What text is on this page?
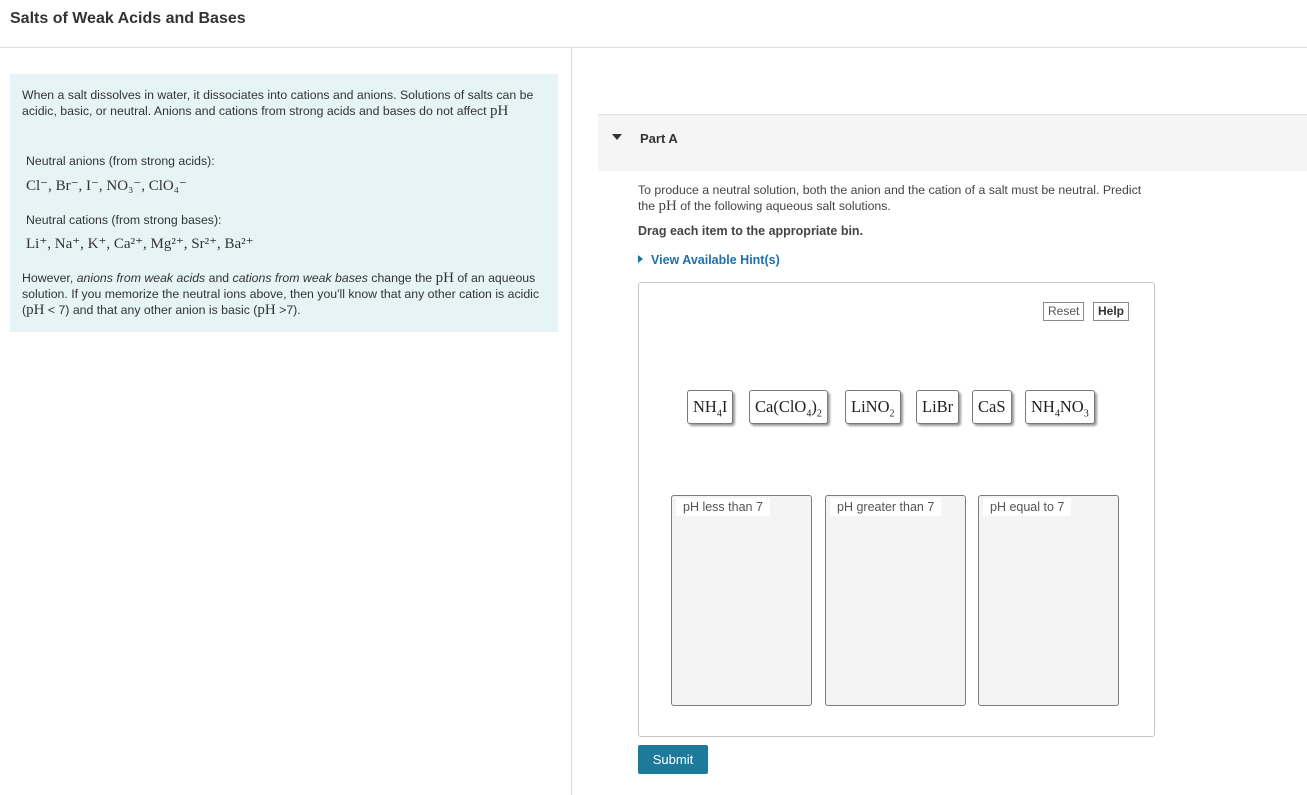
Salts of Weak Acids and Bases
When a salt dissolves in water, it dissociates into cations and anions. Solutions of salts can be acidic, basic, or neutral. Anions and cations from strong acids and bases do not affect pH
Neutral anions (from strong acids):
Cl⁻, Br⁻, I⁻, NO₃⁻, ClO₄⁻
Neutral cations (from strong bases):
Li⁺, Na⁺, K⁺, Ca²⁺, Mg²⁺, Sr²⁺, Ba²⁺
However, anions from weak acids and cations from weak bases change the pH of an aqueous solution. If you memorize the neutral ions above, then you'll know that any other cation is acidic (pH < 7) and that any other anion is basic (pH >7).
Part A
To produce a neutral solution, both the anion and the cation of a salt must be neutral. Predict the pH of the following aqueous salt solutions.
Drag each item to the appropriate bin.
View Available Hint(s)
Reset	Help
$NH_4I$	$Ca(ClO_4)_2$	LiNO$_2$	LiBr	CaS	$NH_4NO_3$
pH less than 7	pH greater than 7	pH equal to 7
Submit
